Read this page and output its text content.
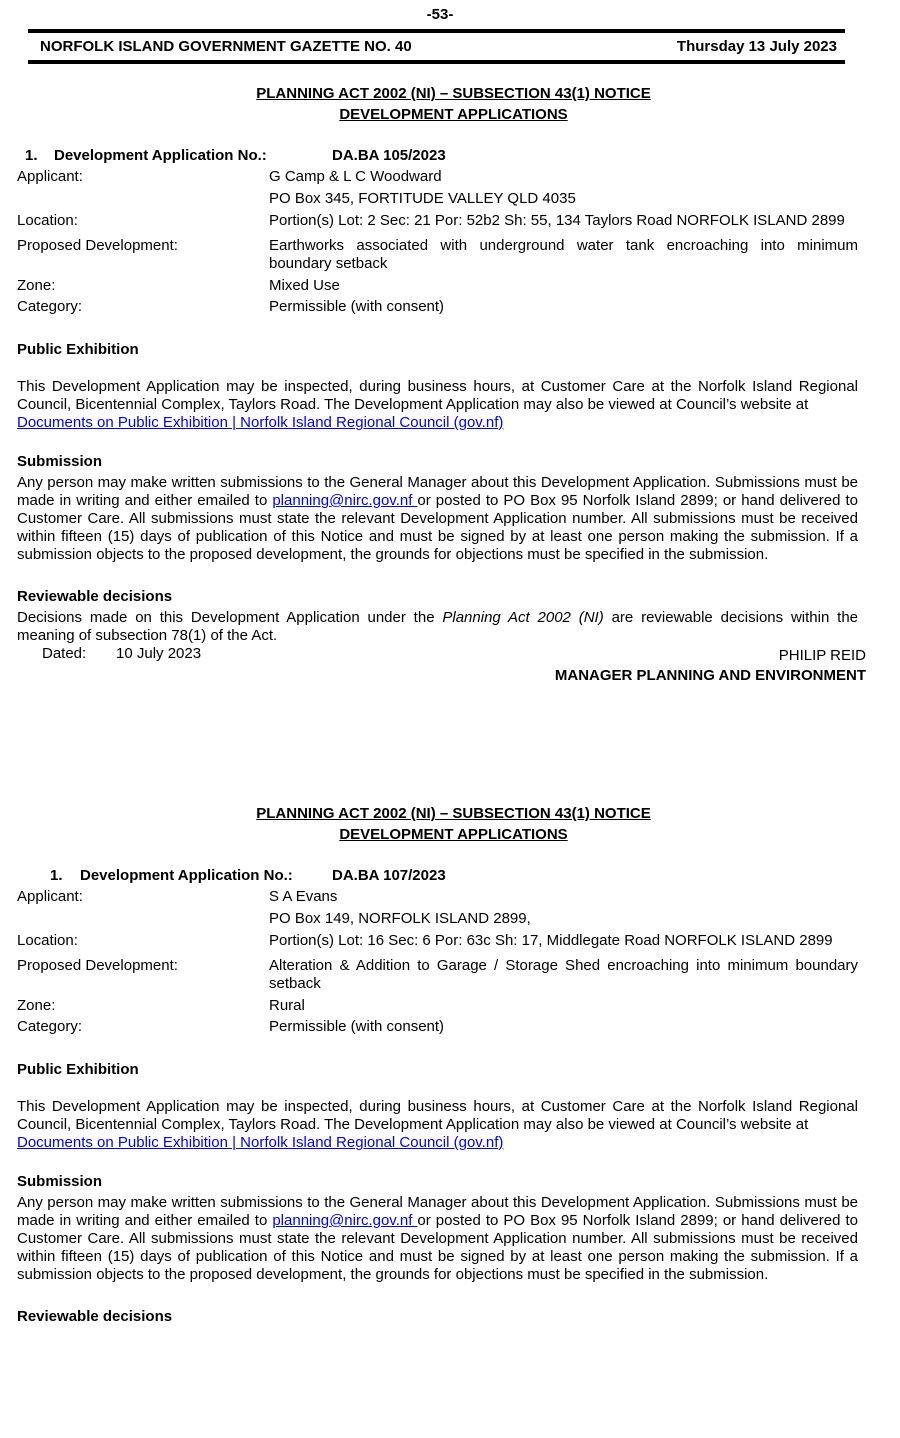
-53-
NORFOLK ISLAND GOVERNMENT GAZETTE NO. 40	Thursday 13 July 2023
PLANNING ACT 2002 (NI) – SUBSECTION 43(1) NOTICE
DEVELOPMENT APPLICATIONS
1. Development Application No.:	DA.BA 105/2023
Applicant:	G Camp & L C Woodward
PO Box 345, FORTITUDE VALLEY QLD 4035
Location:	Portion(s) Lot: 2 Sec: 21 Por: 52b2 Sh: 55, 134 Taylors Road NORFOLK ISLAND 2899
Proposed Development:	Earthworks associated with underground water tank encroaching into minimum boundary setback
Zone:	Mixed Use
Category:	Permissible (with consent)
Public Exhibition
This Development Application may be inspected, during business hours, at Customer Care at the Norfolk Island Regional Council, Bicentennial Complex, Taylors Road. The Development Application may also be viewed at Council’s website at
Documents on Public Exhibition | Norfolk Island Regional Council (gov.nf)
Submission
Any person may make written submissions to the General Manager about this Development Application. Submissions must be made in writing and either emailed to planning@nirc.gov.nf or posted to PO Box 95 Norfolk Island 2899; or hand delivered to Customer Care. All submissions must state the relevant Development Application number. All submissions must be received within fifteen (15) days of publication of this Notice and must be signed by at least one person making the submission. If a submission objects to the proposed development, the grounds for objections must be specified in the submission.
Reviewable decisions
Decisions made on this Development Application under the Planning Act 2002 (NI) are reviewable decisions within the meaning of subsection 78(1) of the Act.
Dated: 10 July 2023	PHILIP REID
MANAGER PLANNING AND ENVIRONMENT
PLANNING ACT 2002 (NI) – SUBSECTION 43(1) NOTICE
DEVELOPMENT APPLICATIONS
1. Development Application No.:	DA.BA 107/2023
Applicant:	S A Evans
PO Box 149, NORFOLK ISLAND 2899,
Location:	Portion(s) Lot: 16 Sec: 6 Por: 63c Sh: 17, Middlegate Road NORFOLK ISLAND 2899
Proposed Development:	Alteration & Addition to Garage / Storage Shed encroaching into minimum boundary setback
Zone:	Rural
Category:	Permissible (with consent)
Public Exhibition
This Development Application may be inspected, during business hours, at Customer Care at the Norfolk Island Regional Council, Bicentennial Complex, Taylors Road. The Development Application may also be viewed at Council’s website at
Documents on Public Exhibition | Norfolk Island Regional Council (gov.nf)
Submission
Any person may make written submissions to the General Manager about this Development Application. Submissions must be made in writing and either emailed to planning@nirc.gov.nf or posted to PO Box 95 Norfolk Island 2899; or hand delivered to Customer Care. All submissions must state the relevant Development Application number. All submissions must be received within fifteen (15) days of publication of this Notice and must be signed by at least one person making the submission. If a submission objects to the proposed development, the grounds for objections must be specified in the submission.
Reviewable decisions
